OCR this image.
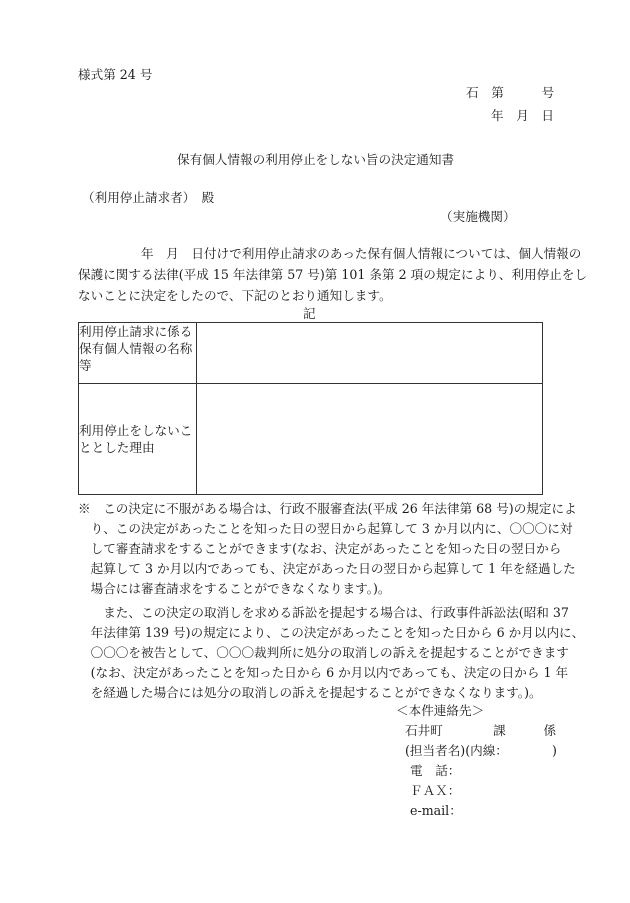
様式第 24 号
石　第　　　号
年　月　日
保有個人情報の利用停止をしない旨の決定通知書
（利用停止請求者）　殿
（実施機関）
　　　　　年　月　日付けで利用停止請求のあった保有個人情報については、個人情報の
保護に関する法律(平成 15 年法律第 57 号)第 101 条第 2 項の規定により、利用停止をし
ないことに決定をしたので、下記のとおり通知します。
記
利用停止請求に係る
保有個人情報の名称
等	

利用停止をしないこ
ととした理由	

※　この決定に不服がある場合は、行政不服審査法(平成 26 年法律第 68 号)の規定によ
　り、この決定があったことを知った日の翌日から起算して 3 か月以内に、〇〇〇に対
　して審査請求をすることができます(なお、決定があったことを知った日の翌日から
　起算して 3 か月以内であっても、決定があった日の翌日から起算して 1 年を経過した
　場合には審査請求をすることができなくなります。)。
　　また、この決定の取消しを求める訴訟を提起する場合は、行政事件訴訟法(昭和 37
　年法律第 139 号)の規定により、この決定があったことを知った日から 6 か月以内に、
　〇〇〇を被告として、〇〇〇裁判所に処分の取消しの訴えを提起することができます
　(なお、決定があったことを知った日から 6 か月以内であっても、決定の日から 1 年
　を経過した場合には処分の取消しの訴えを提起することができなくなります。)。
＜本件連絡先＞
石井町　　　　課　　　係
(担当者名)(内線：　　　　)
電　話：
ＦＡＸ：
e-mail：
